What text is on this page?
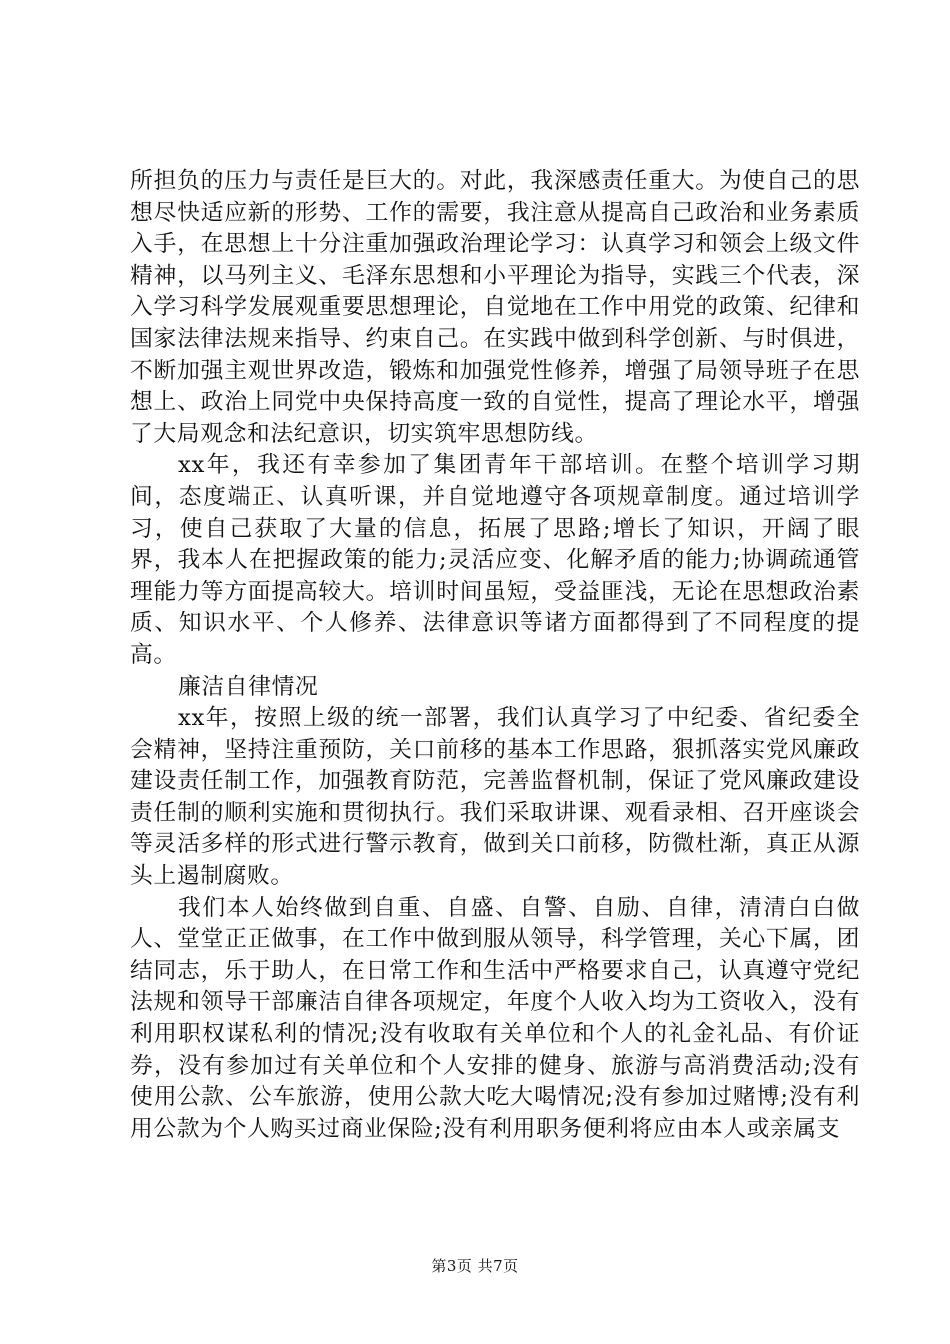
所担负的压力与责任是巨大的。对此，我深感责任重大。为使自己的思想尽快适应新的形势、工作的需要，我注意从提高自己政治和业务素质入手，在思想上十分注重加强政治理论学习：认真学习和领会上级文件精神，以马列主义、毛泽东思想和小平理论为指导，实践三个代表，深入学习科学发展观重要思想理论，自觉地在工作中用党的政策、纪律和国家法律法规来指导、约束自己。在实践中做到科学创新、与时俱进，不断加强主观世界改造，锻炼和加强党性修养，增强了局领导班子在思想上、政治上同党中央保持高度一致的自觉性，提高了理论水平，增强了大局观念和法纪意识，切实筑牢思想防线。

xx年，我还有幸参加了集团青年干部培训。在整个培训学习期间，态度端正、认真听课，并自觉地遵守各项规章制度。通过培训学习，使自己获取了大量的信息，拓展了思路;增长了知识，开阔了眼界，我本人在把握政策的能力;灵活应变、化解矛盾的能力;协调疏通管理能力等方面提高较大。培训时间虽短，受益匪浅，无论在思想政治素质、知识水平、个人修养、法律意识等诸方面都得到了不同程度的提高。

廉洁自律情况

xx年，按照上级的统一部署，我们认真学习了中纪委、省纪委全会精神，坚持注重预防，关口前移的基本工作思路，狠抓落实党风廉政建设责任制工作，加强教育防范，完善监督机制，保证了党风廉政建设责任制的顺利实施和贯彻执行。我们采取讲课、观看录相、召开座谈会等灵活多样的形式进行警示教育，做到关口前移，防微杜渐，真正从源头上遏制腐败。

我们本人始终做到自重、自盛、自警、自励、自律，清清白白做人、堂堂正正做事，在工作中做到服从领导，科学管理，关心下属，团结同志，乐于助人，在日常工作和生活中严格要求自己，认真遵守党纪法规和领导干部廉洁自律各项规定，年度个人收入均为工资收入，没有利用职权谋私利的情况;没有收取有关单位和个人的礼金礼品、有价证券，没有参加过有关单位和个人安排的健身、旅游与高消费活动;没有使用公款、公车旅游，使用公款大吃大喝情况;没有参加过赌博;没有利用公款为个人购买过商业保险;没有利用职务便利将应由本人或亲属支

第3页 共7页
